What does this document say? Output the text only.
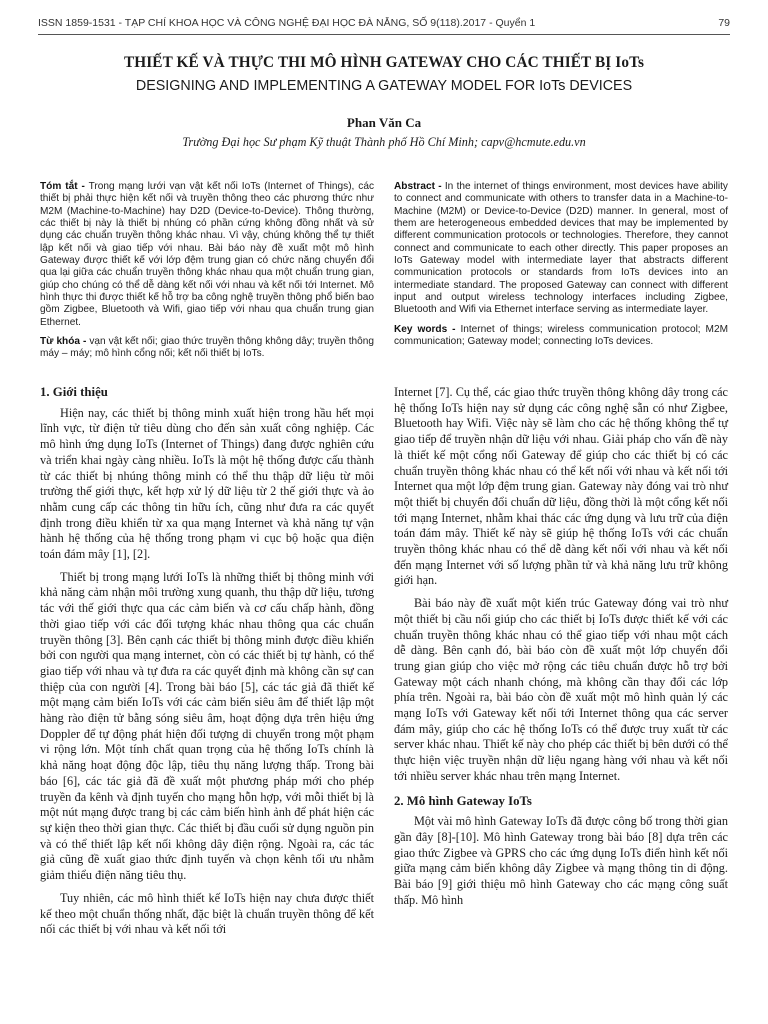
ISSN 1859-1531 - TẠP CHÍ KHOA HỌC VÀ CÔNG NGHỆ ĐẠI HỌC ĐÀ NẴNG, SỐ 9(118).2017 - Quyển 1	79
THIẾT KẾ VÀ THỰC THI MÔ HÌNH GATEWAY CHO CÁC THIẾT BỊ IoTs
DESIGNING AND IMPLEMENTING A GATEWAY MODEL FOR IoTs DEVICES
Phan Văn Ca
Trường Đại học Sư phạm Kỹ thuật Thành phố Hồ Chí Minh; capv@hcmute.edu.vn
Tóm tắt - Trong mạng lưới vạn vật kết nối IoTs (Internet of Things), các thiết bị phải thực hiện kết nối và truyền thông theo các phương thức như M2M (Machine-to-Machine) hay D2D (Device-to-Device). Thông thường, các thiết bị này là thiết bị nhúng có phần cứng không đồng nhất và sử dụng các chuẩn truyền thông khác nhau. Vì vậy, chúng không thể tự thiết lập kết nối và giao tiếp với nhau. Bài báo này đề xuất một mô hình Gateway được thiết kế với lớp đệm trung gian có chức năng chuyển đổi qua lại giữa các chuẩn truyền thông khác nhau qua một chuẩn trung gian, giúp cho chúng có thể dễ dàng kết nối với nhau và kết nối tới Internet. Mô hình thực thi được thiết kế hỗ trợ ba công nghệ truyền thông phổ biến bao gồm Zigbee, Bluetooth và Wifi, giao tiếp với nhau qua chuẩn trung gian Ethernet.
Từ khóa - vạn vật kết nối; giao thức truyền thông không dây; truyền thông máy – máy; mô hình cổng nối; kết nối thiết bị IoTs.
Abstract - In the internet of things environment, most devices have ability to connect and communicate with others to transfer data in a Machine-to-Machine (M2M) or Device-to-Device (D2D) manner. In general, most of them are heterogeneous embedded devices that may be implemented by different communication protocols or technologies. Therefore, they cannot connect and communicate to each other directly. This paper proposes an IoTs Gateway model with intermediate layer that abstracts different communication protocols or standards from IoTs devices into an intermediate standard. The proposed Gateway can connect with different input and output wireless technology interfaces including Zigbee, Bluetooth and Wifi via Ethernet interface serving as intermediate layer.
Key words - Internet of things; wireless communication protocol; M2M communication; Gateway model; connecting IoTs devices.
1. Giới thiệu

Hiện nay, các thiết bị thông minh xuất hiện trong hầu hết mọi lĩnh vực, từ điện tử tiêu dùng cho đến sản xuất công nghiệp. Các mô hình ứng dụng IoTs (Internet of Things) đang được nghiên cứu và triển khai ngày càng nhiều. IoTs là một hệ thống được cấu thành từ các thiết bị nhúng thông minh có thể thu thập dữ liệu từ môi trường thế giới thực, kết hợp xử lý dữ liệu từ 2 thế giới thực và ảo nhằm cung cấp các thông tin hữu ích, cũng như đưa ra các quyết định trong điều khiển từ xa qua mạng Internet và khả năng tự vận hành hệ thống của hệ thống trong phạm vi cục bộ hoặc qua điện toán đám mây [1], [2].

Thiết bị trong mạng lưới IoTs là những thiết bị thông minh với khả năng cảm nhận môi trường xung quanh, thu thập dữ liệu, tương tác với thế giới thực qua các cảm biến và cơ cấu chấp hành, đồng thời giao tiếp với các đối tượng khác nhau thông qua các chuẩn truyền thông [3]. Bên cạnh các thiết bị thông minh được điều khiển bởi con người qua mạng internet, còn có các thiết bị tự hành, có thể giao tiếp với nhau và tự đưa ra các quyết định mà không cần sự can thiệp của con người [4]. Trong bài báo [5], các tác giả đã thiết kế một mạng cảm biến IoTs với các cảm biến siêu âm để thiết lập một hàng rào điện tử bằng sóng siêu âm, hoạt động dựa trên hiệu ứng Doppler để tự động phát hiện đối tượng di chuyển trong một phạm vi rộng lớn. Một tính chất quan trọng của hệ thống IoTs chính là khả năng hoạt động độc lập, tiêu thụ năng lượng thấp. Trong bài báo [6], các tác giả đã đề xuất một phương pháp mới cho phép truyền đa kênh và định tuyến cho mạng hỗn hợp, với mỗi thiết bị là một nút mạng được trang bị các cảm biến hình ảnh để phát hiện các sự kiện theo thời gian thực. Các thiết bị đầu cuối sử dụng nguồn pin và có thể thiết lập kết nối không dây điện rộng. Ngoài ra, các tác giả cũng đề xuất giao thức định tuyến và chọn kênh tối ưu nhằm giảm thiểu điện năng tiêu thụ.

Tuy nhiên, các mô hình thiết kế IoTs hiện nay chưa được thiết kế theo một chuẩn thống nhất, đặc biệt là chuẩn truyền thông để kết nối các thiết bị với nhau và kết nối tới

Internet [7]. Cụ thể, các giao thức truyền thông không dây trong các hệ thống IoTs hiện nay sử dụng các công nghệ sẵn có như Zigbee, Bluetooth hay Wifi. Việc này sẽ làm cho các hệ thống không thể tự giao tiếp để truyền nhận dữ liệu với nhau. Giải pháp cho vấn đề này là thiết kế một cổng nối Gateway để giúp cho các thiết bị có các chuẩn truyền thông khác nhau có thể kết nối với nhau và kết nối tới Internet qua một lớp đệm trung gian. Gateway này đóng vai trò như một thiết bị chuyển đổi chuẩn dữ liệu, đồng thời là một cổng kết nối tới mạng Internet, nhằm khai thác các ứng dụng và lưu trữ của điện toán đám mây. Thiết kế này sẽ giúp hệ thống IoTs với các chuẩn truyền thông khác nhau có thể dễ dàng kết nối với nhau và kết nối đến mạng Internet với số lượng phần tử và khả năng lưu trữ không giới hạn.

Bài báo này đề xuất một kiến trúc Gateway đóng vai trò như một thiết bị cầu nối giúp cho các thiết bị IoTs được thiết kế với các chuẩn truyền thông khác nhau có thể giao tiếp với nhau một cách dễ dàng. Bên cạnh đó, bài báo còn đề xuất một lớp chuyển đổi trung gian giúp cho việc mở rộng các tiêu chuẩn được hỗ trợ bởi Gateway một cách nhanh chóng, mà không cần thay đổi các lớp phía trên. Ngoài ra, bài báo còn đề xuất một mô hình quản lý các mạng IoTs với Gateway kết nối tới Internet thông qua các server đám mây, giúp cho các hệ thống IoTs có thể được truy xuất từ các server khác nhau. Thiết kế này cho phép các thiết bị bên dưới có thể thực hiện việc truyền nhận dữ liệu ngang hàng với nhau và kết nối tới nhiều server khác nhau trên mạng Internet.

2. Mô hình Gateway IoTs

Một vài mô hình Gateway IoTs đã được công bố trong thời gian gần đây [8]-[10]. Mô hình Gateway trong bài báo [8] dựa trên các giao thức Zigbee và GPRS cho các ứng dụng IoTs điển hình kết nối giữa mạng cảm biến không dây Zigbee và mạng thông tin di động. Bài báo [9] giới thiệu mô hình Gateway cho các mạng công suất thấp. Mô hình
